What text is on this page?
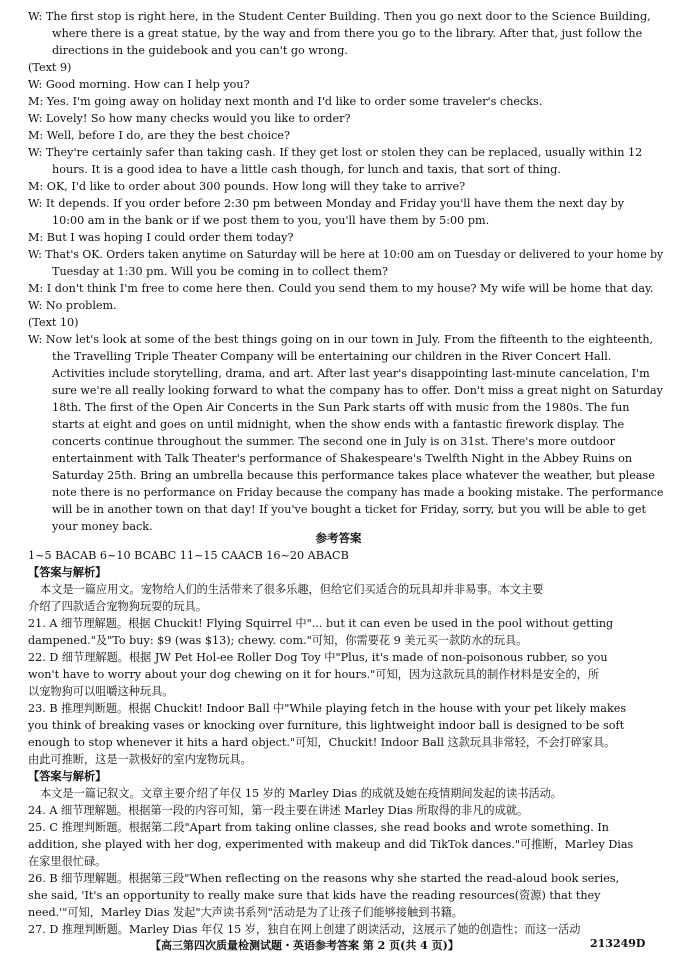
W: The first stop is right here, in the Student Center Building. Then you go next door to the Science Building,
where there is a great statue, by the way and from there you go to the library. After that, just follow the
directions in the guidebook and you can't go wrong.
(Text 9)
W: Good morning. How can I help you?
M: Yes. I'm going away on holiday next month and I'd like to order some traveler's checks.
W: Lovely! So how many checks would you like to order?
M: Well, before I do, are they the best choice?
W: They're certainly safer than taking cash. If they get lost or stolen they can be replaced, usually within 12
hours. It is a good idea to have a little cash though, for lunch and taxis, that sort of thing.
M: OK, I'd like to order about 300 pounds. How long will they take to arrive?
W: It depends. If you order before 2:30 pm between Monday and Friday you'll have them the next day by
10:00 am in the bank or if we post them to you, you'll have them by 5:00 pm.
M: But I was hoping I could order them today?
W: That's OK. Orders taken anytime on Saturday will be here at 10:00 am on Tuesday or delivered to your home by
Tuesday at 1:30 pm. Will you be coming in to collect them?
M: I don't think I'm free to come here then. Could you send them to my house? My wife will be home that day.
W: No problem.
(Text 10)
W: Now let's look at some of the best things going on in our town in July. From the fifteenth to the eighteenth,
the Travelling Triple Theater Company will be entertaining our children in the River Concert Hall.
Activities include storytelling, drama, and art. After last year's disappointing last-minute cancelation, I'm
sure we're all really looking forward to what the company has to offer. Don't miss a great night on Saturday
18th. The first of the Open Air Concerts in the Sun Park starts off with music from the 1980s. The fun
starts at eight and goes on until midnight, when the show ends with a fantastic firework display. The
concerts continue throughout the summer. The second one in July is on 31st. There's more outdoor
entertainment with Talk Theater's performance of Shakespeare's Twelfth Night in the Abbey Ruins on
Saturday 25th. Bring an umbrella because this performance takes place whatever the weather, but please
note there is no performance on Friday because the company has made a booking mistake. The performance
will be in another town on that day! If you've bought a ticket for Friday, sorry, but you will be able to get
your money back.
参考答案
1~5 BACAB 6~10 BCABC 11~15 CAACB 16~20 ABACB
【答案与解析】
本文是一篇应用文。宠物给人们的生活带来了很多乐趣，但给它们买适合的玩具却并非易事。本文主要
介绍了四款适合宠物狗玩耍的玩具。
21. A 细节理解题。根据 Chuckit! Flying Squirrel 中"... but it can even be used in the pool without getting
dampened."及"To buy: $9 (was $13); chewy. com."可知，你需要花 9 美元买一款防水的玩具。
22. D 细节理解题。根据 JW Pet Hol-ee Roller Dog Toy 中"Plus, it's made of non-poisonous rubber, so you
won't have to worry about your dog chewing on it for hours."可知，因为这款玩具的制作材料是安全的，所
以宠物狗可以咀嚼这种玩具。
23. B 推理判断题。根据 Chuckit! Indoor Ball 中"While playing fetch in the house with your pet likely makes
you think of breaking vases or knocking over furniture, this lightweight indoor ball is designed to be soft
enough to stop whenever it hits a hard object."可知，Chuckit! Indoor Ball 这款玩具非常轻，不会打碎家具。
由此可推断，这是一款极好的室内宠物玩具。
【答案与解析】
本文是一篇记叙文。文章主要介绍了年仅 15 岁的 Marley Dias 的成就及她在疫情期间发起的读书活动。
24. A 细节理解题。根据第一段的内容可知，第一段主要在讲述 Marley Dias 所取得的非凡的成就。
25. C 推理判断题。根据第二段"Apart from taking online classes, she read books and wrote something. In
addition, she played with her dog, experimented with makeup and did TikTok dances."可推断，Marley Dias
在家里很忙碌。
26. B 细节理解题。根据第三段"When reflecting on the reasons why she started the read-aloud book series,
she said, 'It's an opportunity to really make sure that kids have the reading resources(资源) that they
need.'"可知，Marley Dias 发起"大声读书系列"活动是为了让孩子们能够接触到书籍。
27. D 推理判断题。Marley Dias 年仅 15 岁，独自在网上创建了朗读活动，这展示了她的创造性；而这一活动
【高三第四次质量检测试题・英语参考答案 第 2 页(共 4 页)】	213249D
